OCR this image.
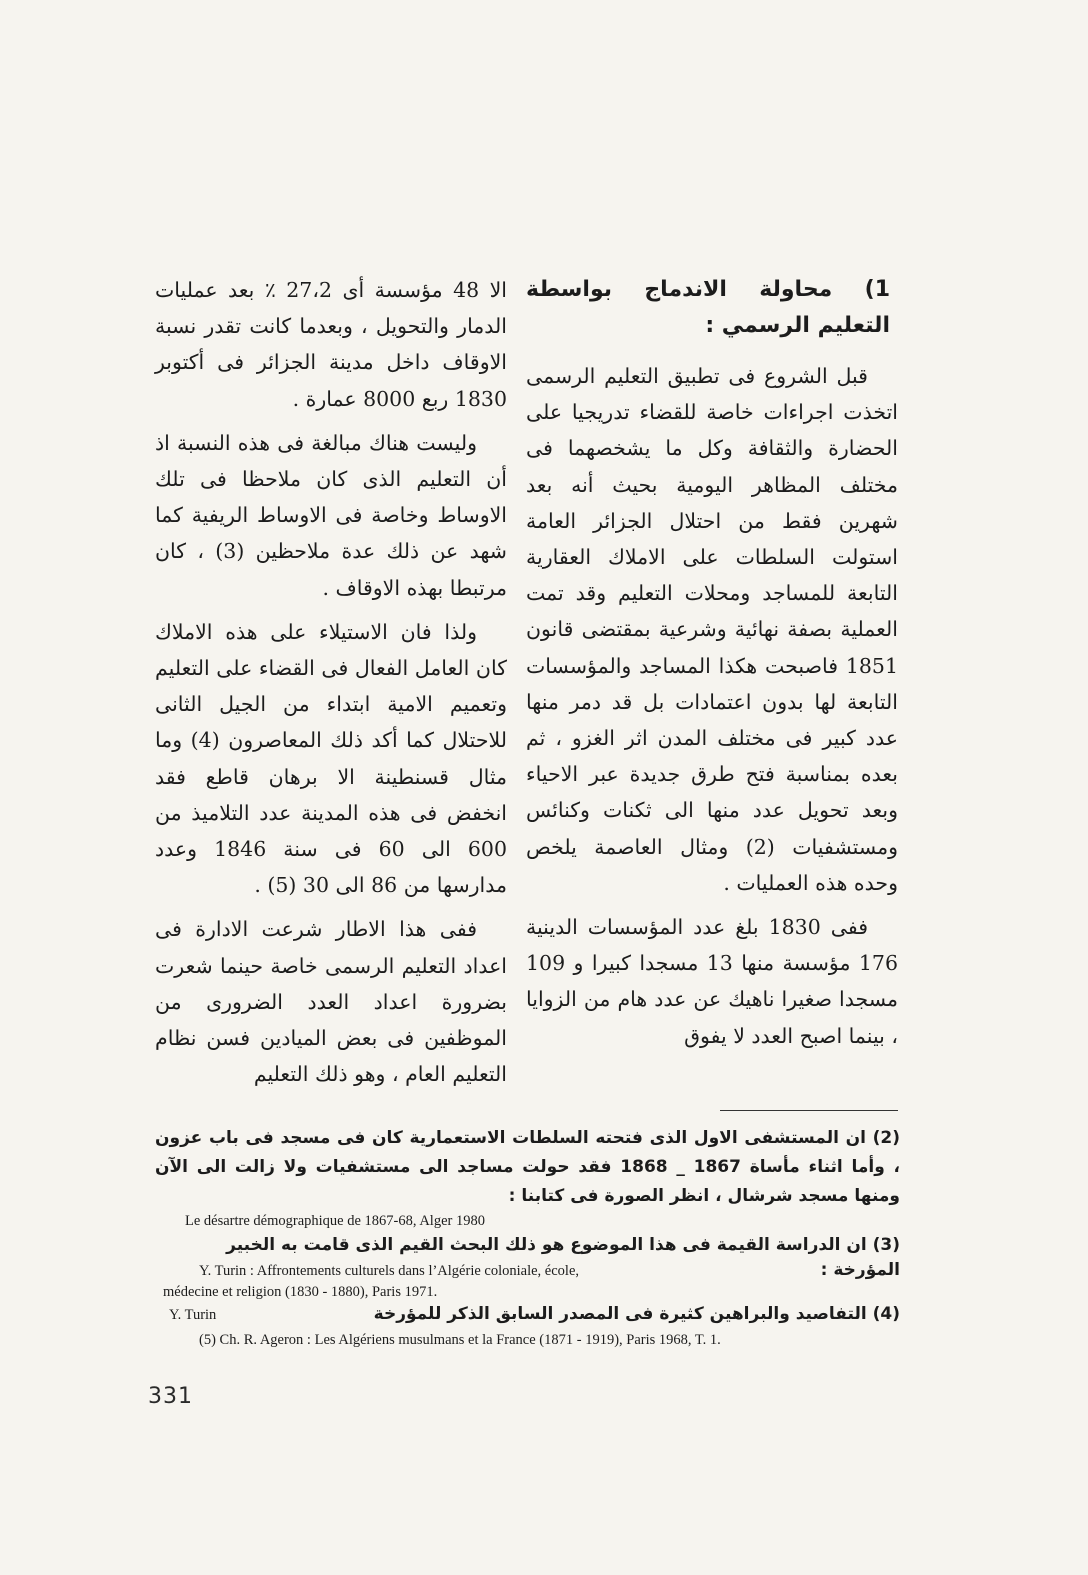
1) محاولة الاندماج بواسطة التعليم الرسمي :

قبل الشروع فى تطبيق التعليم الرسمى اتخذت اجراءات خاصة للقضاء تدريجيا على الحضارة والثقافة وكل ما يشخصهما فى مختلف المظاهر اليومية بحيث أنه بعد شهرين فقط من احتلال الجزائر العامة استولت السلطات على الاملاك العقارية التابعة للمساجد ومحلات التعليم وقد تمت العملية بصفة نهائية وشرعية بمقتضى قانون 1851 فاصبحت هكذا المساجد والمؤسسات التابعة لها بدون اعتمادات بل قد دمر منها عدد كبير فى مختلف المدن اثر الغزو ، ثم بعده بمناسبة فتح طرق جديدة عبر الاحياء وبعد تحويل عدد منها الى ثكنات وكنائس ومستشفيات (2) ومثال العاصمة يلخص وحده هذه العمليات .

ففى 1830 بلغ عدد المؤسسات الدينية 176 مؤسسة منها 13 مسجدا كبيرا و 109 مسجدا صغيرا ناهيك عن عدد هام من الزوايا ، بينما اصبح العدد لا يفوق

الا 48 مؤسسة أى 27،2 ٪ بعد عمليات الدمار والتحويل ، وبعدما كانت تقدر نسبة الاوقاف داخل مدينة الجزائر فى أكتوبر 1830 ربع 8000 عمارة .

وليست هناك مبالغة فى هذه النسبة اذ أن التعليم الذى كان ملاحظا فى تلك الاوساط وخاصة فى الاوساط الريفية كما شهد عن ذلك عدة ملاحظين (3) ، كان مرتبطا بهذه الاوقاف .

ولذا فان الاستيلاء على هذه الاملاك كان العامل الفعال فى القضاء على التعليم وتعميم الامية ابتداء من الجيل الثانى للاحتلال كما أكد ذلك المعاصرون (4) وما مثال قسنطينة الا برهان قاطع فقد انخفض فى هذه المدينة عدد التلاميذ من 600 الى 60 فى سنة 1846 وعدد مدارسها من 86 الى 30 (5) .

ففى هذا الاطار شرعت الادارة فى اعداد التعليم الرسمى خاصة حينما شعرت بضرورة اعداد العدد الضرورى من الموظفين فى بعض الميادين فسن نظام التعليم العام ، وهو ذلك التعليم

(2) ان المستشفى الاول الذى فتحته السلطات الاستعمارية كان فى مسجد فى باب عزون ، وأما اثناء مأساة 1867 _ 1868 فقد حولت مساجد الى مستشفيات ولا زالت الى الآن ومنها مسجد شرشال ، انظر الصورة فى كتابنا :

Le désartre démographique de 1867-68, Alger 1980

(3) ان الدراسة القيمة فى هذا الموضوع هو ذلك البحث القيم الذى قامت به الخبير

Y. Turin : Affrontements culturels dans l’Algérie coloniale, école,	المؤرخة :

médecine et religion (1830 - 1880), Paris 1971.

Y. Turin	(4) التفاصيد والبراهين كثيرة فى المصدر السابق الذكر للمؤرخة

(5) Ch. R. Ageron : Les Algériens musulmans et la France (1871 - 1919), Paris 1968, T. 1.

331
